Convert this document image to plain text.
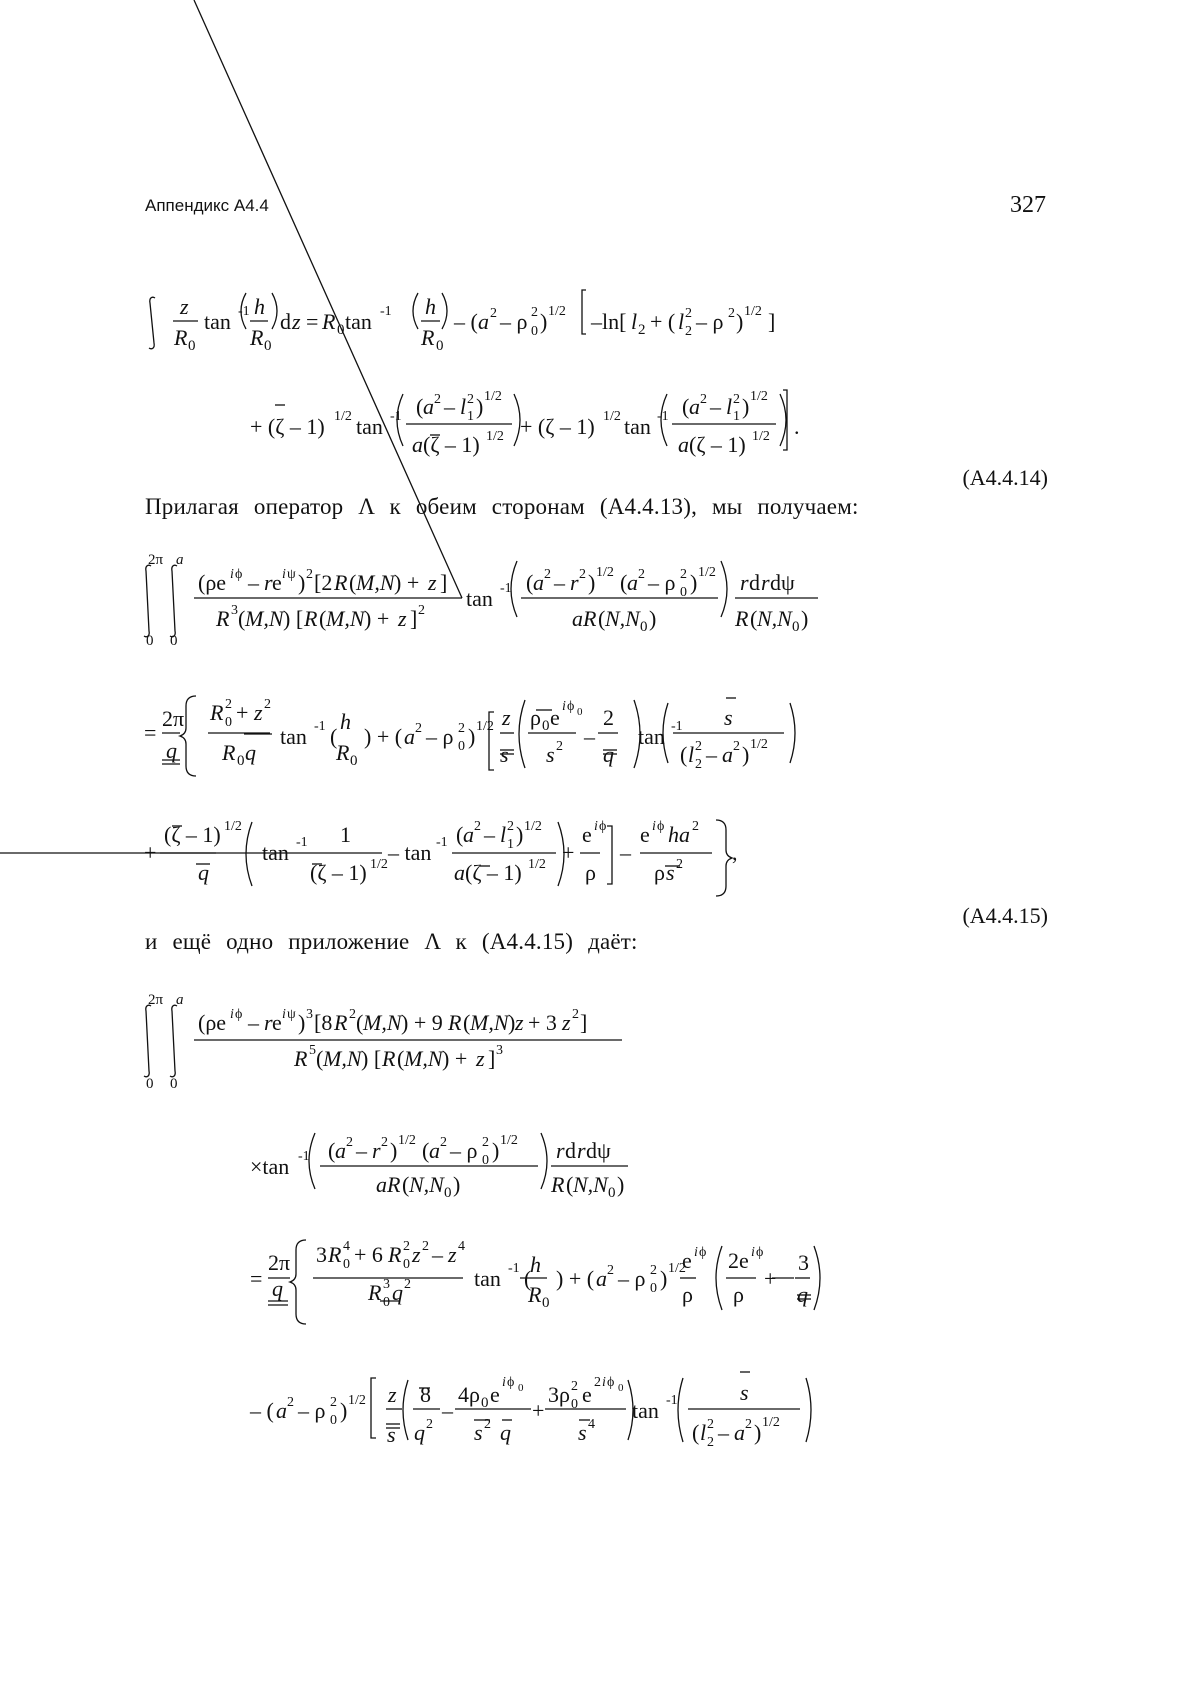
Аппендикс A4.4	327
(A4.4.14)
Прилагая оператор Λ к обеим сторонам (A4.4.13), мы получаем:
(A4.4.15)
и ещё одно приложение Λ к (A4.4.15) даёт:
z
R 0
tan -1 h
R 0
d z = R 0 tan -1 h
R 0
– ( a 2 – ρ 2
0 ) 1/2 –ln[ l 2 + ( l 2
2 – ρ 2 ) 1/2 ]
+ (ζ – 1) 1/2 tan -1 ( a 2 – l 2
1 ) 1/2
a (ζ – 1) 1/2 + (ζ – 1) 1/2 tan -1 ( a 2 – l 2
1 ) 1/2
a (ζ – 1) 1/2 .
2π a
0 0
(ρe i ϕ – r e i ψ ) 2 [2 R ( M,N ) + z ]
R 3 ( M,N ) [ R ( M,N ) + z ] 2 tan -1 ( a 2 – r 2 ) 1/2 ( a 2 – ρ 2
0 ) 1/2
aR ( N,N 0 )
r d r dψ
R ( N,N 0 )
=
2π
q
R 2
0 + z 2
R 0 q
tan -1 (
h
R 0
) + ( a 2 – ρ 2
0 ) 1/2 z
s
ρ 0 e i ϕ 0
s 2 –
2
q
tan -1 s
( l 2
2 – a 2 ) 1/2
+
(ζ – 1) 1/2
q
tan -1 1
(ζ – 1) 1/2 – tan -1 ( a 2 – l 2
1 ) 1/2
a (ζ – 1) 1/2 +
e i ϕ
ρ
–
e i ϕ ha 2
ρ s 2 ,
2π a
0 0
(ρe i ϕ – r e i ψ ) 3 [8 R 2 ( M,N ) + 9 R ( M,N ) z + 3 z 2 ]
R 5 ( M,N ) [ R ( M,N ) + z ] 3
×tan -1 ( a 2 – r 2 ) 1/2 ( a 2 – ρ 2
0 ) 1/2
aR ( N,N 0 )
r d r dψ
R ( N,N 0 )
=
2π
q
3 R 4
0 + 6 R 2
0 z 2 – z 4
R 3
0 q 2	tan -1 (
h
R 0
) + ( a 2 – ρ 2
0 ) 1/2
e i ϕ
ρ
2e i ϕ
ρ
+
3
q
– ( a 2 – ρ 2
0 ) 1/2 z
s
8
q 2
–
4ρ 0 e i ϕ 0
s 2 q
+
3ρ 2
0 e 2 i ϕ 0
s 4
tan -1	s
( l 2
2 – a 2 ) 1/2
